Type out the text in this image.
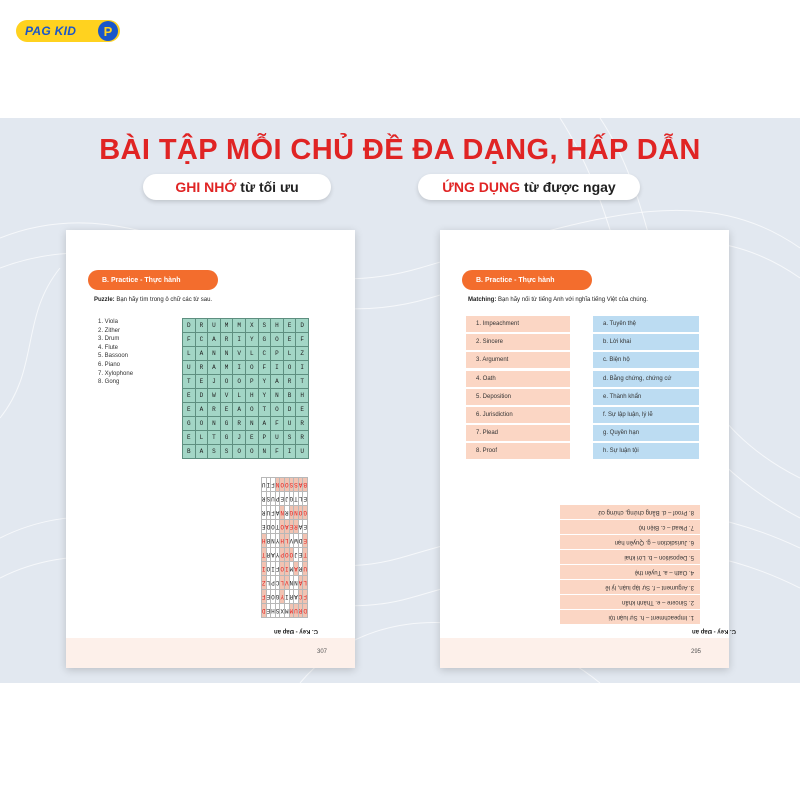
PAG KID	P
BÀI TẬP MỖI CHỦ ĐỀ ĐA DẠNG, HẤP DẪN
GHI NHỚ từ tối ưu	ỨNG DỤNG từ được ngay
B. Practice - Thực hành
Puzzle: Bạn hãy tìm trong ô chữ các từ sau.
1. Viola
2. Zither
3. Drum
4. Flute
5. Bassoon
6. Piano
7. Xylophone
8. Gong
D	R	U	M	M	X	S	H	E	D
F	C	A	R	I	Y	G	O	E	F
L	A	N	N	V	L	C	P	L	Z
U	R	A	M	I	O	F	I	O	I
T	E	J	O	O	P	Y	A	R	T
E	D	W	V	L	H	Y	N	B	H
E	A	R	E	A	O	T	O	D	E
G	O	N	G	R	N	A	F	U	R
E	L	T	G	J	E	P	U	S	R
B	A	S	S	O	O	N	F	I	U
D	R	U	M	M	X	S	H	E	D
F	C	A	R	I	Y	G	O	E	F
L	A	N	N	V	L	C	P	L	Z
U	R	A	M	I	O	F	I	O	I
T	E	J	O	O	P	Y	A	R	T
E	D	W	V	L	H	Y	N	B	H
E	A	R	E	A	O	T	O	D	E
G	O	N	G	R	N	A	F	U	R
E	L	T	G	J	E	P	U	S	R
B	A	S	S	O	O	N	F	I	U
C. Key - Đáp án
307
B. Practice - Thực hành
Matching: Bạn hãy nối từ tiếng Anh với nghĩa tiếng Việt của chúng.
1. Impeachment – h. Sự luận tội
2. Sincere – e. Thành khẩn
3. Argument – f. Sự lập luận, lý lẽ
4. Oath – a. Tuyên thệ
5. Deposition – b. Lời khai
6. Jurisdiction – g. Quyền hạn
7. Plead – c. Biện hộ
8. Proof – d. Bằng chứng, chứng cứ
C. Key - Đáp án
295
1. Impeachment	a. Tuyên thệ
2. Sincere	b. Lời khai
3. Argument	c. Biện hộ
4. Oath	d. Bằng chứng, chứng cứ
5. Deposition	e. Thành khẩn
6. Jurisdiction	f. Sự lập luận, lý lẽ
7. Plead	g. Quyền hạn
8. Proof	h. Sự luận tội
